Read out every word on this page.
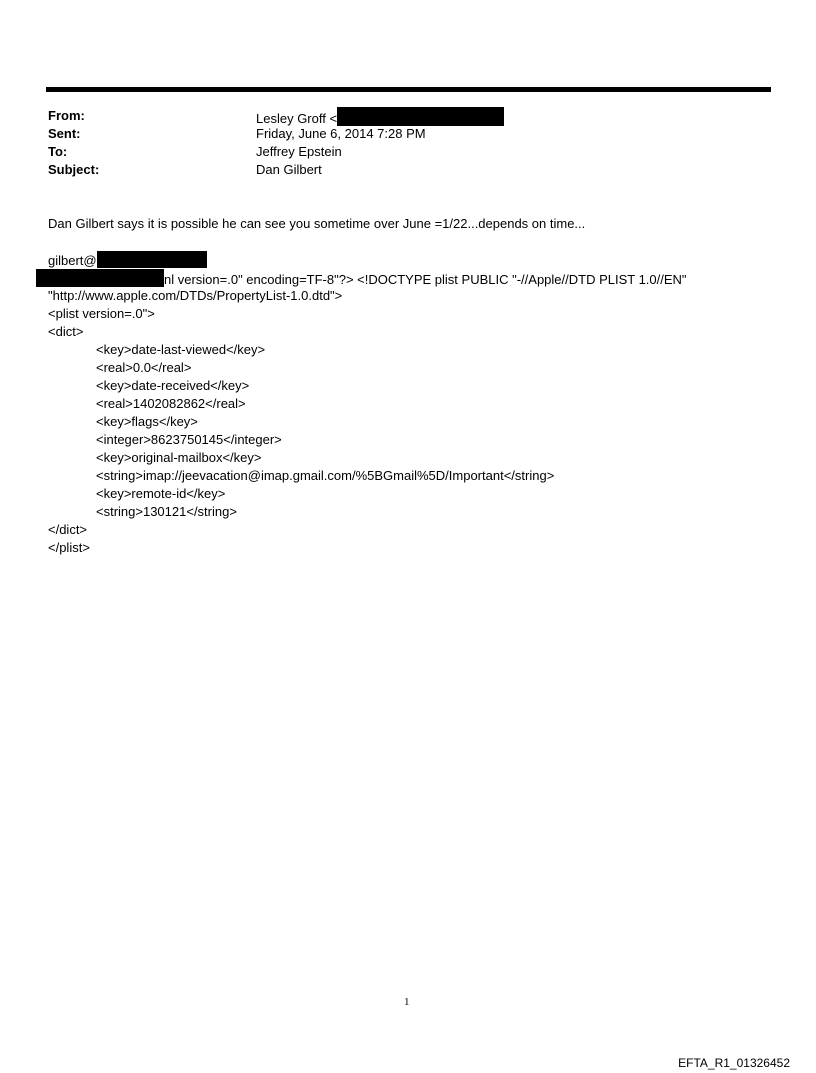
From:	Lesley Groff <
Sent:	Friday, June 6, 2014 7:28 PM
To:	Jeffrey Epstein
Subject:	Dan Gilbert
Dan Gilbert says it is possible he can see you sometime over June =1/22...depends on time...
gilbert@
nl version=.0" encoding=TF-8"?> <!DOCTYPE plist PUBLIC "-//Apple//DTD PLIST 1.0//EN"
"http://www.apple.com/DTDs/PropertyList-1.0.dtd">
<plist version=.0">
<dict>
<key>date-last-viewed</key>
<real>0.0</real>
<key>date-received</key>
<real>1402082862</real>
<key>flags</key>
<integer>8623750145</integer>
<key>original-mailbox</key>
<string>imap://jeevacation@imap.gmail.com/%5BGmail%5D/Important</string>
<key>remote-id</key>
<string>130121</string>
</dict>
</plist>
1
EFTA_R1_01326452
